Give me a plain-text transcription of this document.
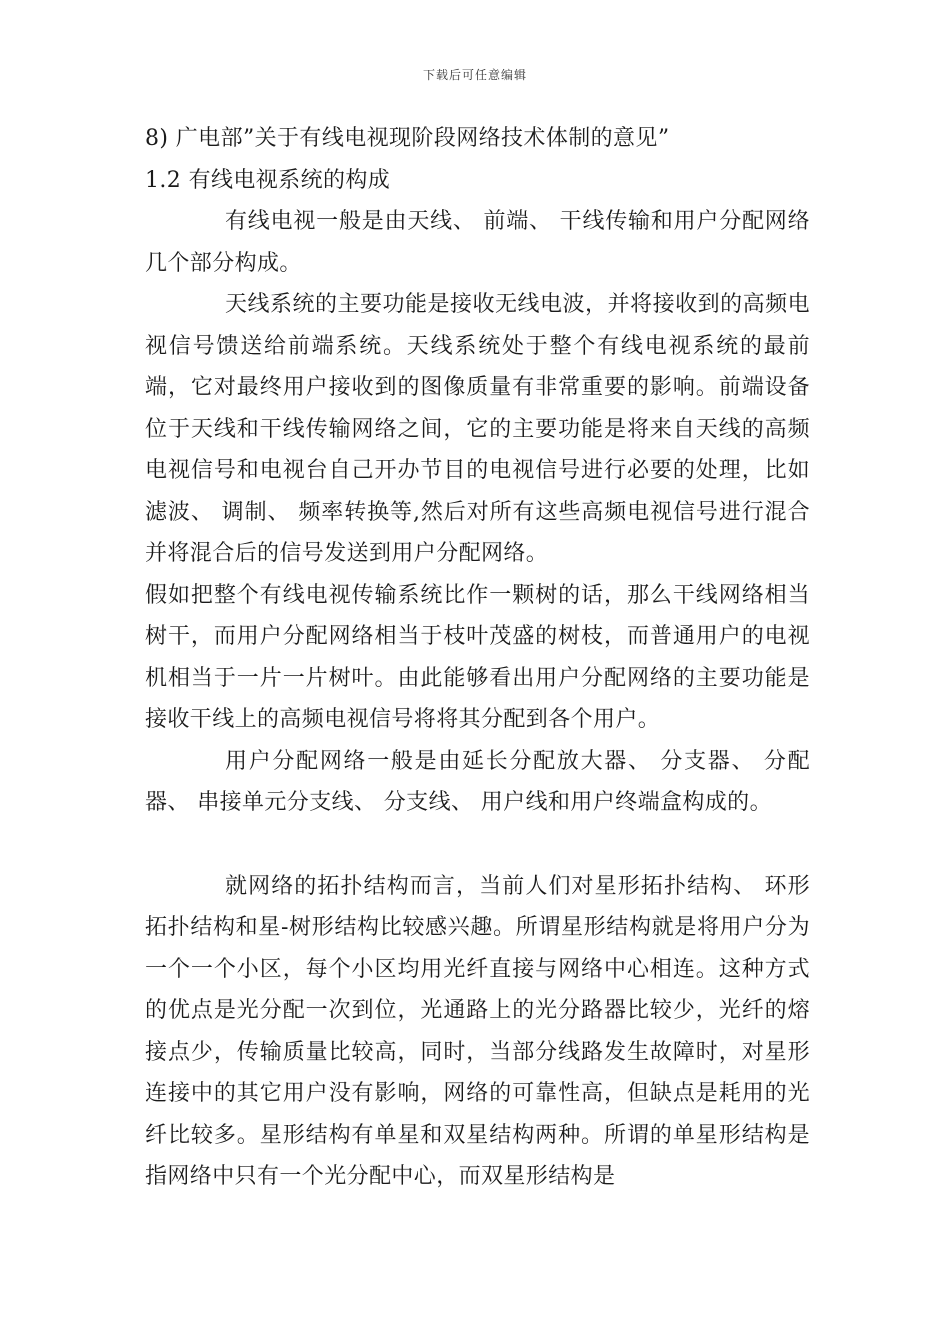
下载后可任意编辑

8) 广电部”关于有线电视现阶段网络技术体制的意见”

1.2 有线电视系统的构成

有线电视一般是由天线、 前端、 干线传输和用户分配网络几个部分构成。

天线系统的主要功能是接收无线电波，并将接收到的高频电视信号馈送给前端系统。天线系统处于整个有线电视系统的最前端，它对最终用户接收到的图像质量有非常重要的影响。前端设备位于天线和干线传输网络之间，它的主要功能是将来自天线的高频电视信号和电视台自己开办节目的电视信号进行必要的处理，比如滤波、 调制、 频率转换等,然后对所有这些高频电视信号进行混合并将混合后的信号发送到用户分配网络。

假如把整个有线电视传输系统比作一颗树的话，那么干线网络相当树干，而用户分配网络相当于枝叶茂盛的树枝，而普通用户的电视机相当于一片一片树叶。由此能够看出用户分配网络的主要功能是接收干线上的高频电视信号将将其分配到各个用户。

用户分配网络一般是由延长分配放大器、 分支器、 分配器、 串接单元分支线、 分支线、 用户线和用户终端盒构成的。

就网络的拓扑结构而言，当前人们对星形拓扑结构、 环形拓扑结构和星-树形结构比较感兴趣。所谓星形结构就是将用户分为一个一个小区，每个小区均用光纤直接与网络中心相连。这种方式的优点是光分配一次到位，光通路上的光分路器比较少，光纤的熔接点少，传输质量比较高，同时，当部分线路发生故障时，对星形连接中的其它用户没有影响，网络的可靠性高，但缺点是耗用的光纤比较多。星形结构有单星和双星结构两种。所谓的单星形结构是指网络中只有一个光分配中心，而双星形结构是
